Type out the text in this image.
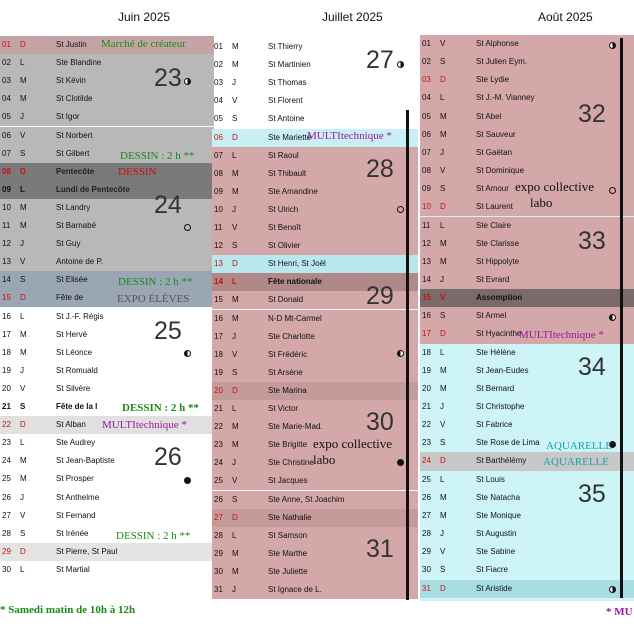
Juin 2025	Juillet 2025	Août 2025
01	D	St Justin
02	L	Ste Blandine
03	M	St Kévin
04	M	St Clotilde
05	J	St Igor
06	V	St Norbert
07	S	St Gilbert
08	D	Pentecôte
09	L	Lundi de Pentecôte
10	M	St Landry
11	M	St Barnabé
12	J	St Guy
13	V	Antoine de P.
14	S	St Elisée
15	D	Fête de
16	L	St J.-F. Régis
17	M	St Hervé
18	M	St Léonce
19	J	St Romuald
20	V	St Silvère
21	S	Fête de la l
22	D	St Alban
23	L	Ste Audrey
24	M	St Jean-Baptiste
25	M	St Prosper
26	J	St Anthelme
27	V	St Fernand
28	S	St Irénée
29	D	St Pierre, St Paul
30	L	St Martial
01	M	St Thierry
02	M	St Martinien
03	J	St Thomas
04	V	St Florent
05	S	St Antoine
06	D	Ste Mariette
07	L	St Raoul
08	M	St Thibault
09	M	Ste Amandine
10	J	St Ulrich
11	V	St Benoît
12	S	St Olivier
13	D	St Henri, St Joël
14	L	Fête nationale
15	M	St Donald
16	M	N-D Mt-Carmel
17	J	Ste Charlotte
18	V	St Frédéric
19	S	St Arsène
20	D	Ste Marina
21	L	St Victor
22	M	Ste Marie-Mad.
23	M	Ste Brigitte
24	J	Ste Christine
25	V	St Jacques
26	S	Ste Anne, St Joachim
27	D	Ste Nathalie
28	L	St Samson
29	M	Ste Marthe
30	M	Ste Juliette
31	J	St Ignace de L.
01	V	St Alphonse
02	S	St Julien Eym.
03	D	Ste Lydie
04	L	St J.-M. Vianney
05	M	St Abel
06	M	St Sauveur
07	J	St Gaëtan
08	V	St Dominique
09	S	St Amour
10	D	St Laurent
11	L	Ste Claire
12	M	Ste Clarisse
13	M	St Hippolyte
14	J	St Evrard
15	V	Assomption
16	S	St Armel
17	D	St Hyacinthe
18	L	Ste Hélène
19	M	St Jean-Eudes
20	M	St Bernard
21	J	St Christophe
22	V	St Fabrice
23	S	Ste Rose de Lima
24	D	St Barthélémy
25	L	St Louis
26	M	Ste Natacha
27	M	Ste Monique
28	J	St Augustin
29	V	Ste Sabine
30	S	St Fiacre
31	D	St Aristide
23
24
25
26
27
28
29
30
31
32
33
34
35
Marché de créateur
DESSIN : 2 h **
DESSIN
DESSIN : 2 h **
EXPO ÉLÈVES
DESSIN : 2 h **
MULTItechnique *
DESSIN : 2 h **
MULTItechnique *
expo collective
labo
expo collective
labo
MULTItechnique *
AQUARELLE
AQUARELLE
* Samedi matin de 10h à 12h	* MU
